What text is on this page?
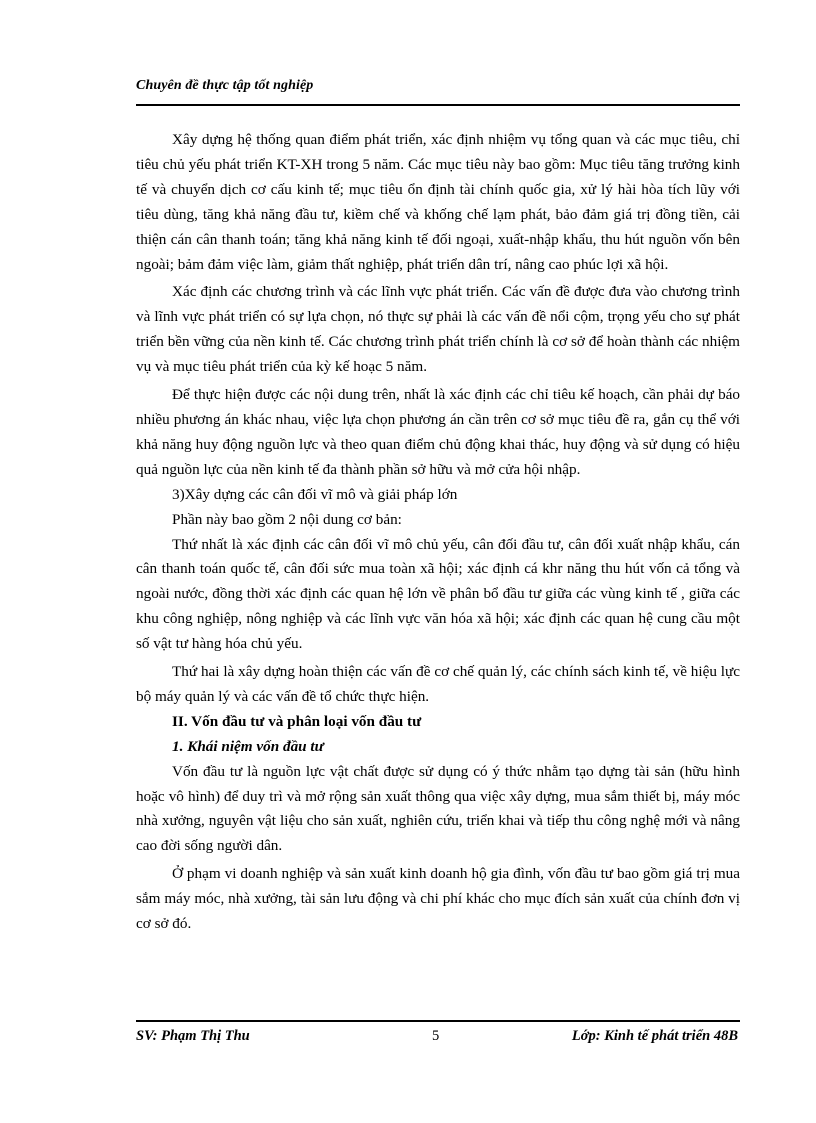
Chuyên đề thực tập tốt nghiệp

Xây dựng hệ thống quan điểm phát triển, xác định nhiệm vụ tổng quan và các mục tiêu, chỉ tiêu chủ yếu phát triển KT-XH trong 5 năm. Các mục tiêu này bao gồm: Mục tiêu tăng trưởng kinh tế và chuyển dịch cơ cấu kinh tế; mục tiêu ổn định tài chính quốc gia, xử lý hài hòa tích lũy với tiêu dùng, tăng khả năng đầu tư, kiềm chế và khống chế lạm phát, bảo đảm giá trị đồng tiền, cải thiện cán cân thanh toán; tăng khả năng kinh tế đối ngoại, xuất-nhập khẩu, thu hút nguồn vốn bên ngoài; bảm đảm việc làm, giảm thất nghiệp, phát triển dân trí, nâng cao phúc lợi xã hội.

Xác định các chương trình và các lĩnh vực phát triển. Các vấn đề được đưa vào chương trình và lĩnh vực phát triển có sự lựa chọn, nó thực sự phải là các vấn đề nổi cộm, trọng yếu cho sự phát triển bền vững của nền kinh tế. Các chương trình phát triển chính là cơ sở để hoàn thành các nhiệm vụ và mục tiêu phát triển của kỳ kế hoạc 5 năm.

Để thực hiện được các nội dung trên, nhất là xác định các chỉ tiêu kế hoạch, cần phải dự báo nhiều phương án khác nhau, việc lựa chọn phương án cần trên cơ sở mục tiêu đề ra, gắn cụ thể với khả năng huy động nguồn lực và theo quan điểm chủ động khai thác, huy động và sử dụng có hiệu quả nguồn lực của nền kinh tế đa thành phần sở hữu và mở cửa hội nhập.

3)Xây dựng các cân đối vĩ mô và giải pháp lớn

Phần này bao gồm 2 nội dung cơ bản:

Thứ nhất là xác định các cân đối vĩ mô chủ yếu, cân đối đầu tư, cân đối xuất nhập khẩu, cán cân thanh toán quốc tế, cân đối sức mua toàn xã hội; xác định cá khr năng thu hút vốn cả tổng và ngoài nước, đồng thời xác định các quan hệ lớn về phân bổ đầu tư giữa các vùng kinh tế , giữa các khu công nghiệp, nông nghiệp và các lĩnh vực văn hóa xã hội; xác định các quan hệ cung cầu một số vật tư hàng hóa chủ yếu.

Thứ hai là xây dựng hoàn thiện các vấn đề cơ chế quản lý, các chính sách kinh tế, về hiệu lực bộ máy quản lý và các vấn đề tổ chức thực hiện.

II. Vốn đầu tư và phân loại vốn đầu tư

1. Khái niệm vốn đầu tư

Vốn đầu tư là nguồn lực vật chất được sử dụng có ý thức nhằm tạo dựng tài sản (hữu hình hoặc vô hình) để duy trì và mở rộng sản xuất thông qua việc xây dựng, mua sắm thiết bị, máy móc nhà xưởng, nguyên vật liệu cho sản xuất, nghiên cứu, triển khai và tiếp thu công nghệ mới và nâng cao đời sống người dân.

Ở phạm vi doanh nghiệp và sản xuất kinh doanh hộ gia đình, vốn đầu tư bao gồm giá trị mua sắm máy móc, nhà xưởng, tài sản lưu động và chi phí khác cho mục đích sản xuất của chính đơn vị cơ sở đó.

SV: Phạm Thị Thu	5	Lớp: Kinh tế phát triển 48B
